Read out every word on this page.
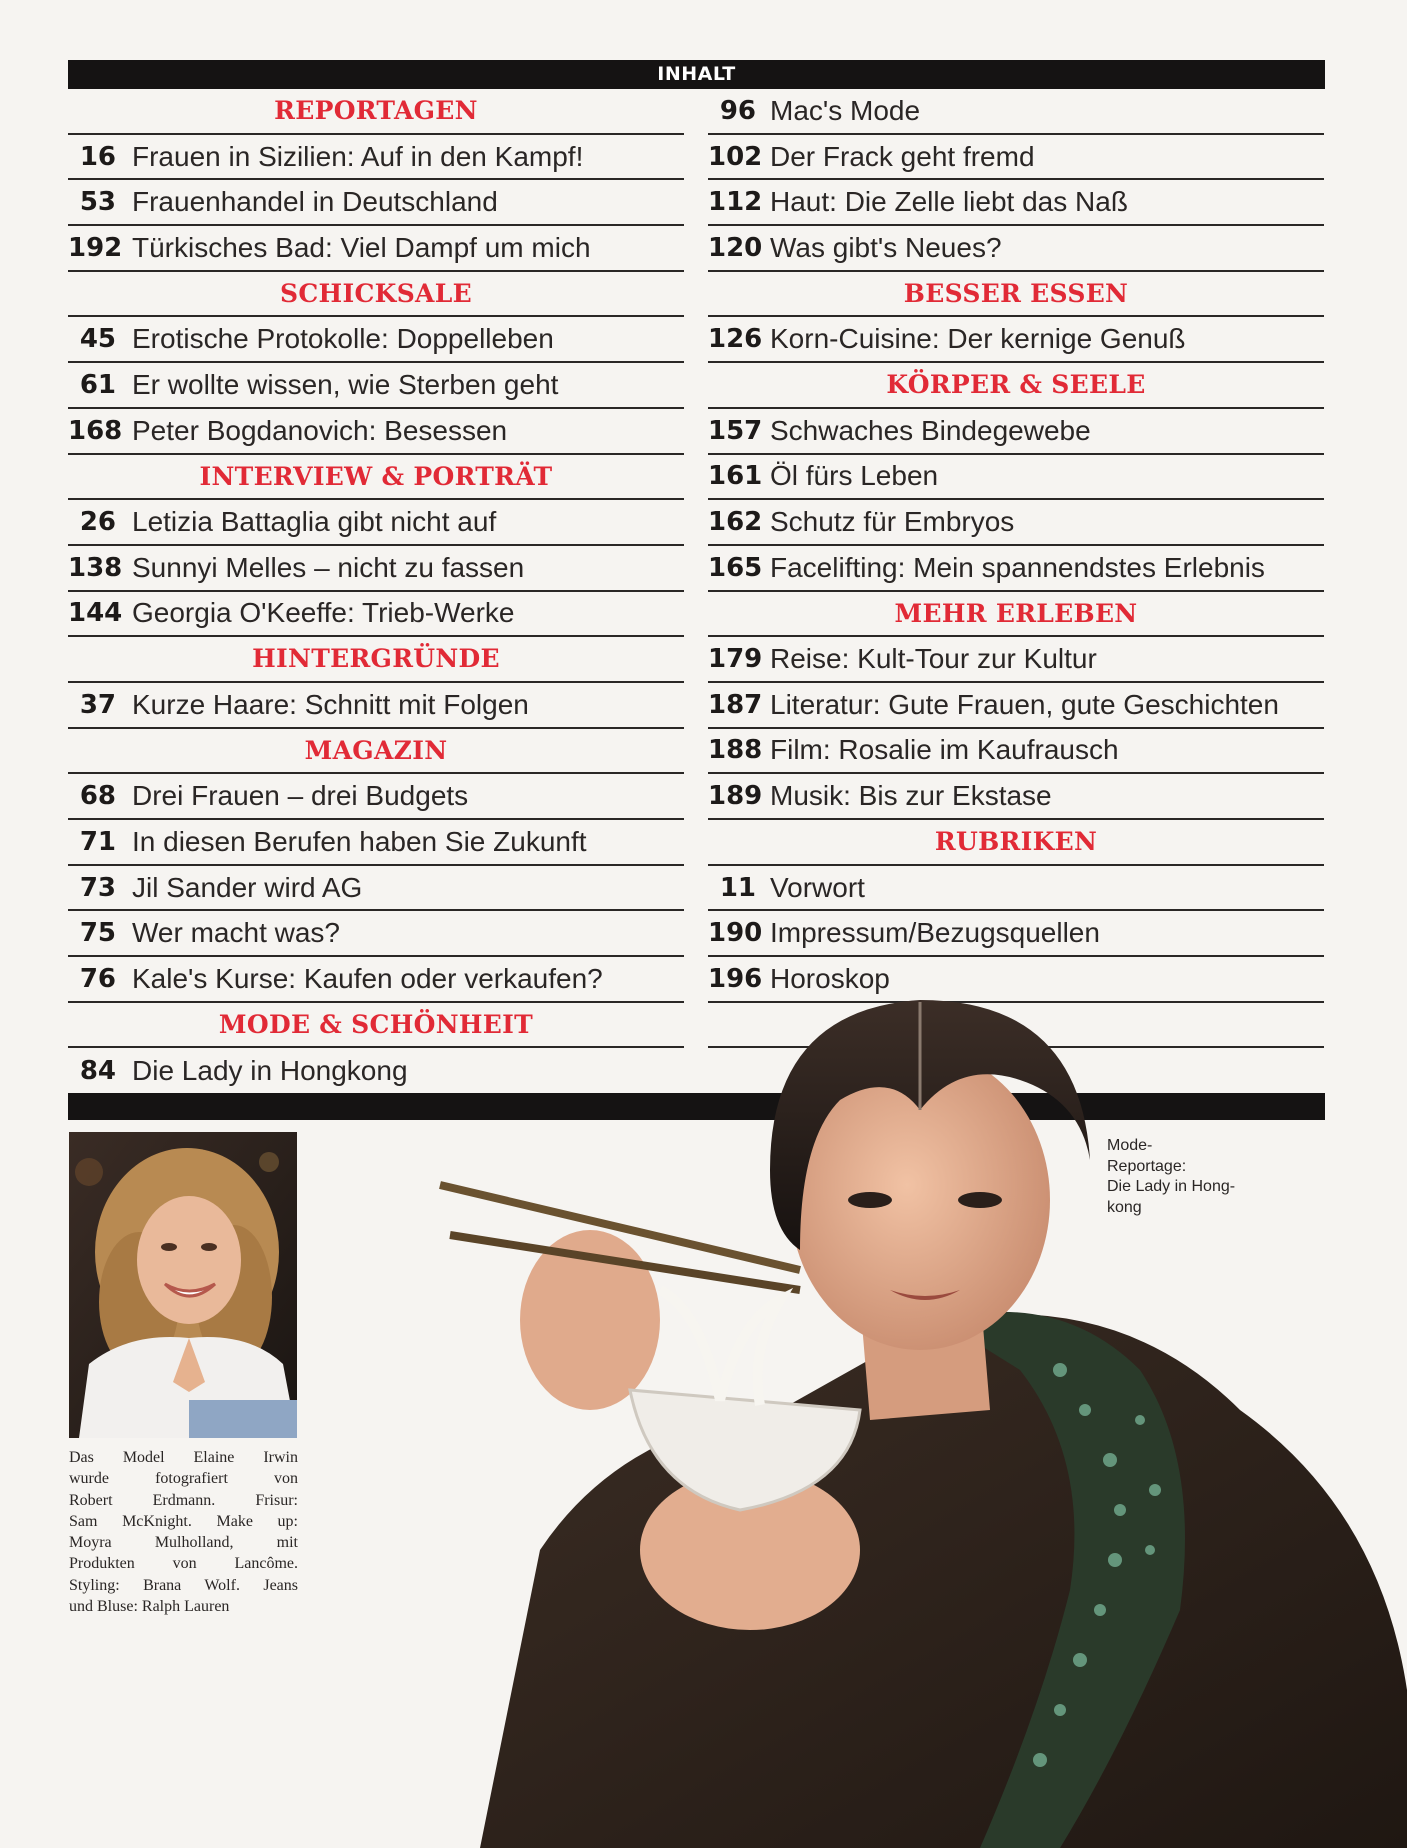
INHALT
REPORTAGEN
16 Frauen in Sizilien: Auf in den Kampf!
53 Frauenhandel in Deutschland
192 Türkisches Bad: Viel Dampf um mich
SCHICKSALE
45 Erotische Protokolle: Doppelleben
61 Er wollte wissen, wie Sterben geht
168 Peter Bogdanovich: Besessen
INTERVIEW & PORTRÄT
26 Letizia Battaglia gibt nicht auf
138 Sunnyi Melles – nicht zu fassen
144 Georgia O'Keeffe: Trieb-Werke
HINTERGRÜNDE
37 Kurze Haare: Schnitt mit Folgen
MAGAZIN
68 Drei Frauen – drei Budgets
71 In diesen Berufen haben Sie Zukunft
73 Jil Sander wird AG
75 Wer macht was?
76 Kale's Kurse: Kaufen oder verkaufen?
MODE & SCHÖNHEIT
84 Die Lady in Hongkong
96 Mac's Mode
102 Der Frack geht fremd
112 Haut: Die Zelle liebt das Naß
120 Was gibt's Neues?
BESSER ESSEN
126 Korn-Cuisine: Der kernige Genuß
KÖRPER & SEELE
157 Schwaches Bindegewebe
161 Öl fürs Leben
162 Schutz für Embryos
165 Facelifting: Mein spannendstes Erlebnis
MEHR ERLEBEN
179 Reise: Kult-Tour zur Kultur
187 Literatur: Gute Frauen, gute Geschichten
188 Film: Rosalie im Kaufrausch
189 Musik: Bis zur Ekstase
RUBRIKEN
11 Vorwort
190 Impressum/Bezugsquellen
196 Horoskop
Das Model Elaine Irwin
wurde fotografiert von
Robert Erdmann. Frisur:
Sam McKnight. Make up:
Moyra Mulholland, mit
Produkten von Lancôme.
Styling: Brana Wolf. Jeans
und Bluse: Ralph Lauren
Mode-
Reportage:
Die Lady in Hong-
kong
